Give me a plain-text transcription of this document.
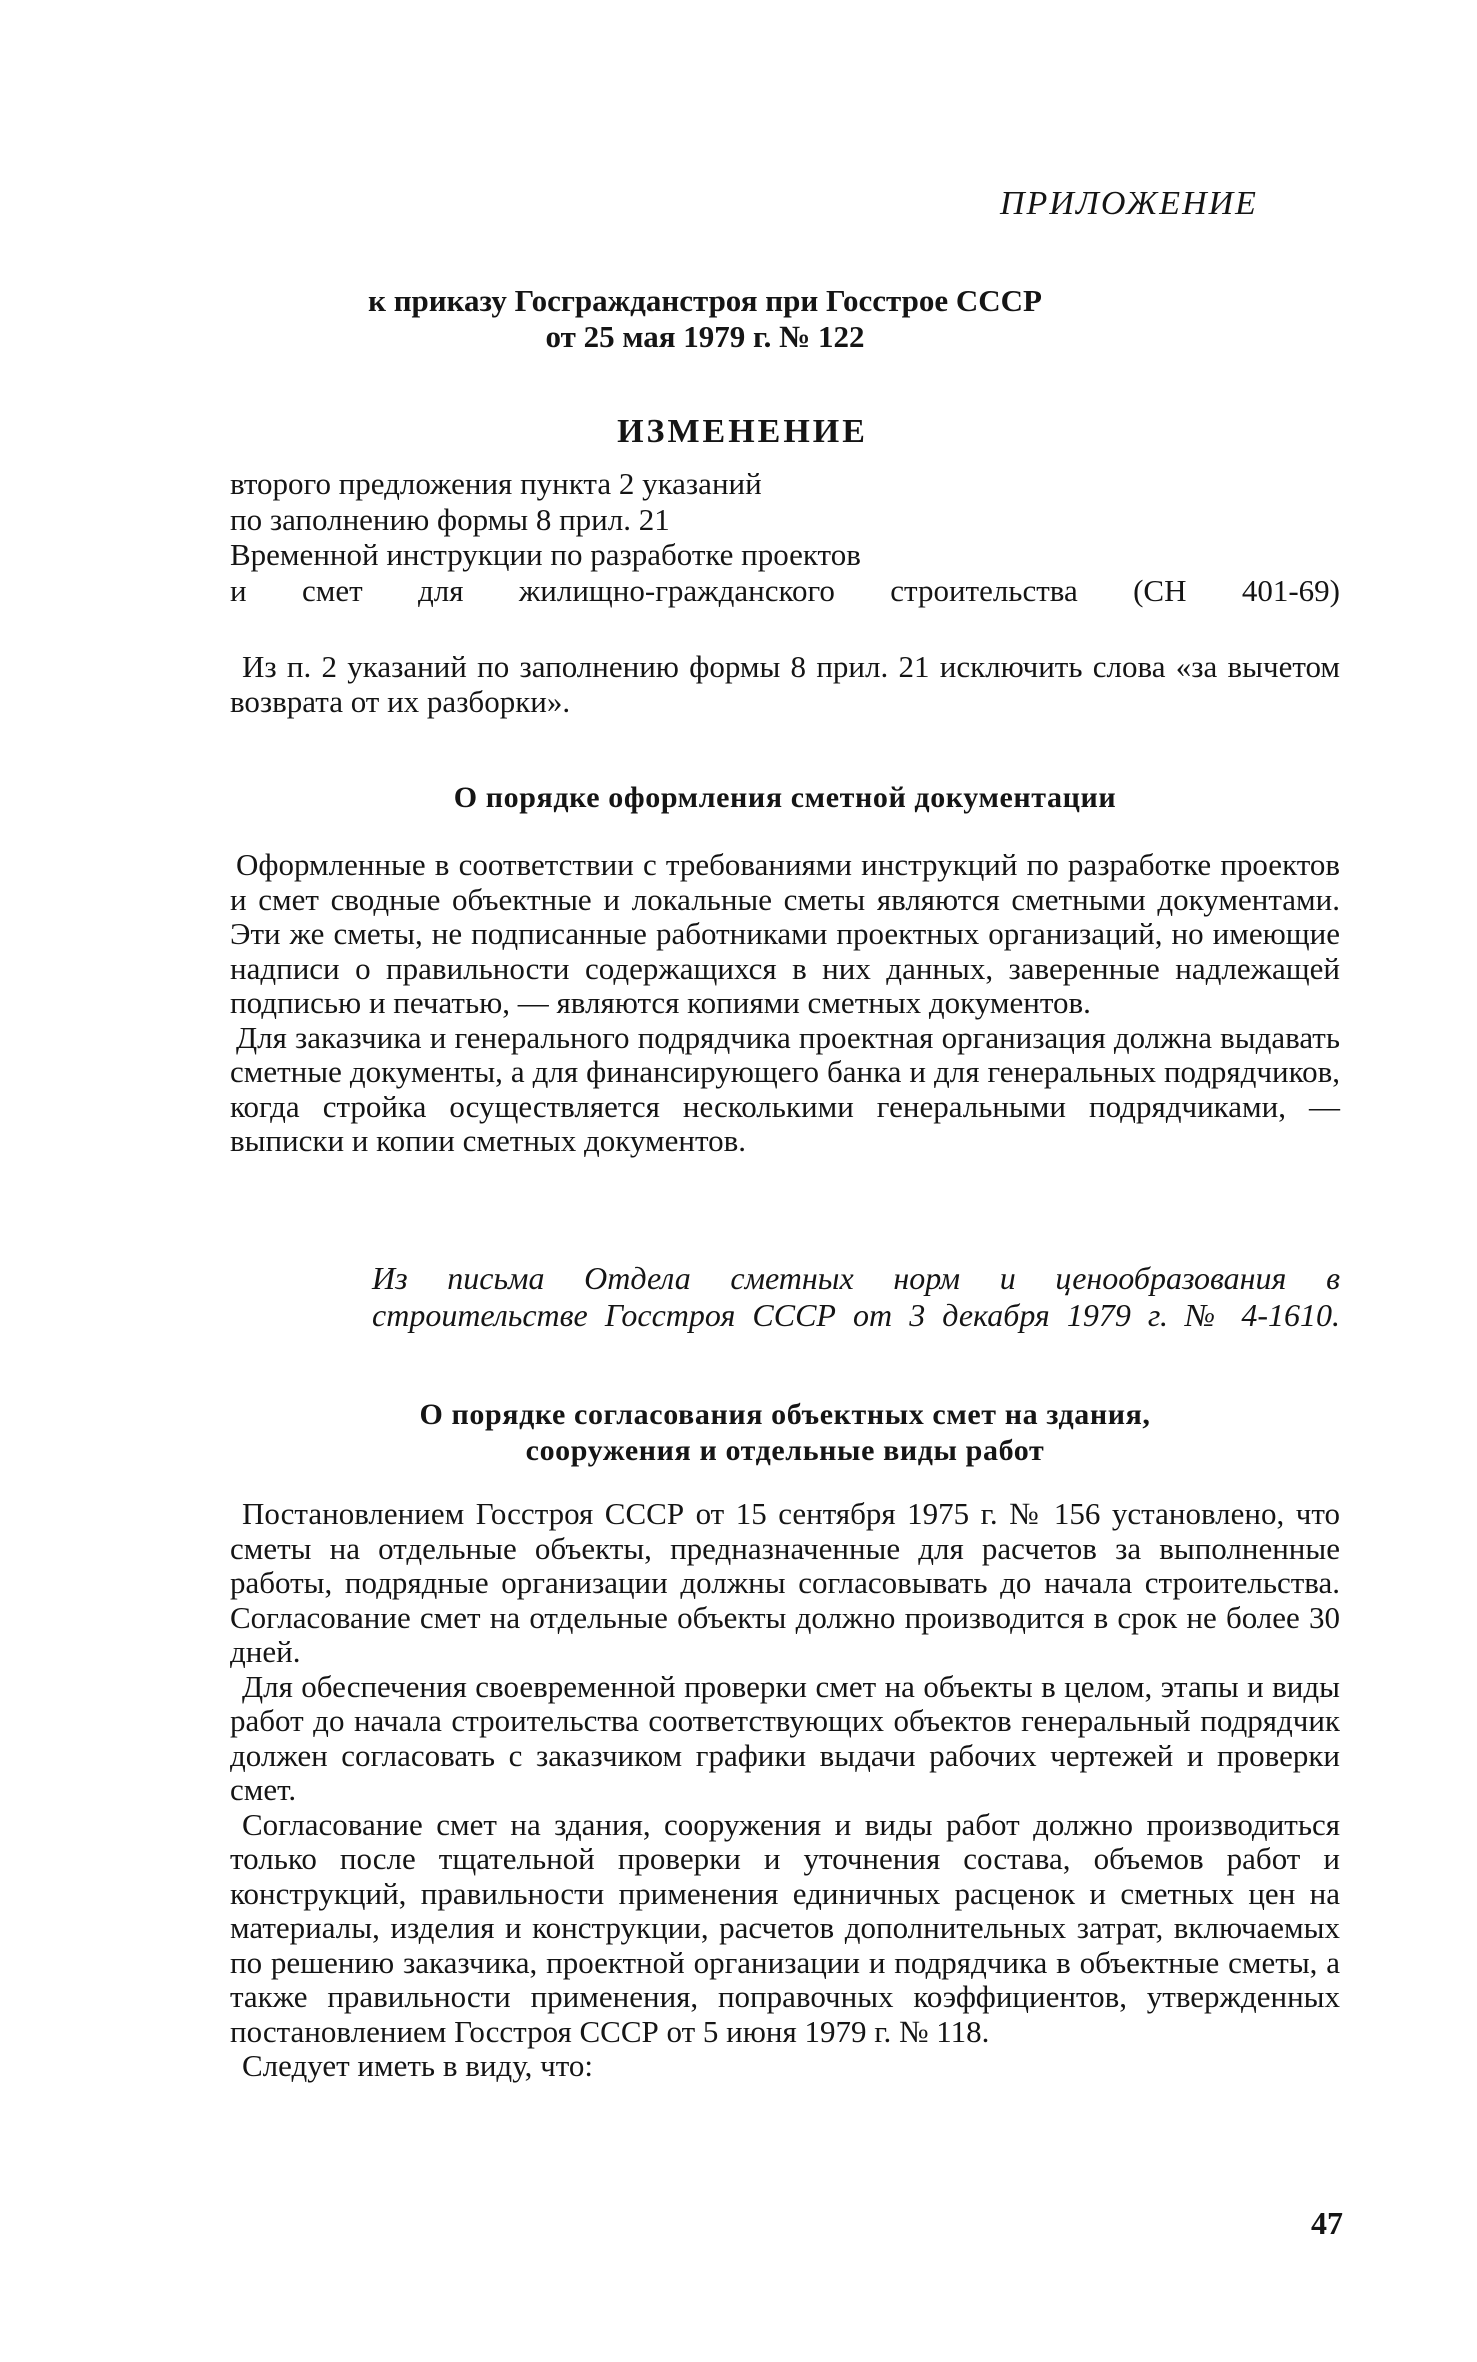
ПРИЛОЖЕНИЕ
к приказу Госгражданстроя при Госстрое СССР
от 25 мая 1979 г. № 122
ИЗМЕНЕНИЕ
второго предложения пункта 2 указаний
по заполнению формы 8 прил. 21
Временной инструкции по разработке проектов
и смет для жилищно-гражданского строительства (СН 401-69)

Из п. 2 указаний по заполнению формы 8 прил. 21 исключить слова «за вычетом возврата от их разборки».

О порядке оформления сметной документации

Оформленные в соответствии с требованиями инструкций по разработке проектов и смет сводные объектные и локальные сметы являются сметными документами. Эти же сметы, не подписанные работниками проектных организаций, но имеющие надписи о правильности содержащихся в них данных, заверенные надлежащей подписью и печатью, — являются копиями сметных документов.

Для заказчика и генерального подрядчика проектная организация должна выдавать сметные документы, а для финансирующего банка и для генеральных подрядчиков, когда стройка осуществляется несколькими генеральными подрядчиками, — выписки и копии сметных документов.

Из письма Отдела сметных норм и ценообразования в строительстве Госстроя СССР от 3 декабря 1979 г. № 4-1610.
О порядке согласования объектных смет на здания,
сооружения и отдельные виды работ

Постановлением Госстроя СССР от 15 сентября 1975 г. № 156 установлено, что сметы на отдельные объекты, предназначенные для расчетов за выполненные работы, подрядные организации должны согласовывать до начала строительства. Согласование смет на отдельные объекты должно производится в срок не более 30 дней.

Для обеспечения своевременной проверки смет на объекты в целом, этапы и виды работ до начала строительства соответствующих объектов генеральный подрядчик должен согласовать с заказчиком графики выдачи рабочих чертежей и проверки смет.

Согласование смет на здания, сооружения и виды работ должно производиться только после тщательной проверки и уточнения состава, объемов работ и конструкций, правильности применения единичных расценок и сметных цен на материалы, изделия и конструкции, расчетов дополнительных затрат, включаемых по решению заказчика, проектной организации и подрядчика в объектные сметы, а также правильности применения, поправочных коэффициентов, утвержденных постановлением Госстроя СССР от 5 июня 1979 г. № 118.

Следует иметь в виду, что:

47
